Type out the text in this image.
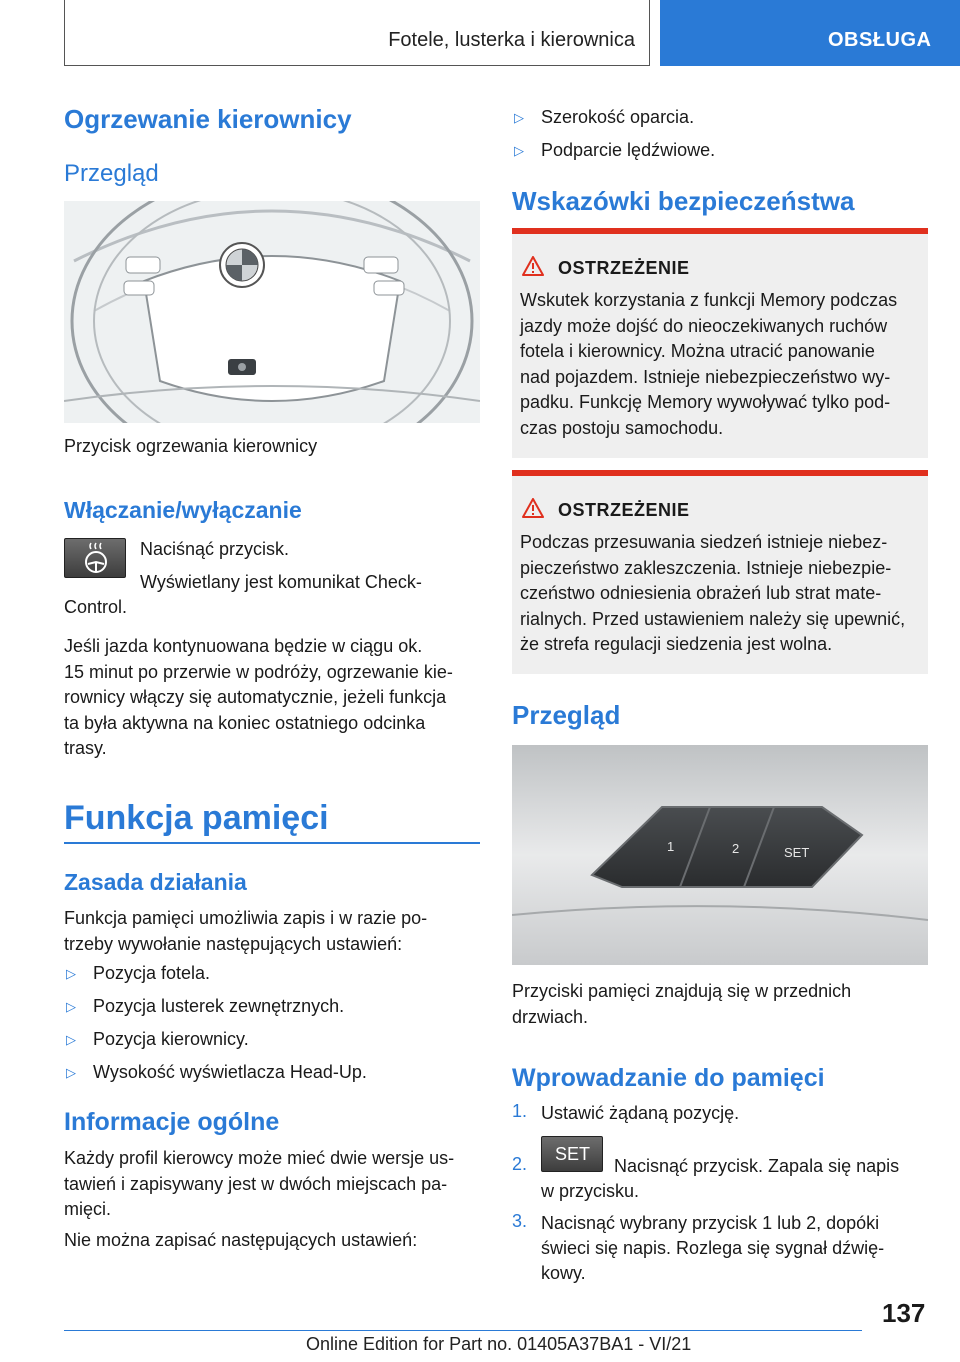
Fotele, lusterka i kierownica	OBSŁUGA
Ogrzewanie kierownicy
Przegląd
Przycisk ogrzewania kierownicy
Włączanie/wyłączanie
Naciśnąć przycisk.
Wyświetlany jest komunikat Check-
Control.
Jeśli jazda kontynuowana będzie w ciągu ok.
15 minut po przerwie w podróży, ogrzewanie kie-
rownicy włączy się automatycznie, jeżeli funkcja
ta była aktywna na koniec ostatniego odcinka
trasy.
Funkcja pamięci
Zasada działania
Funkcja pamięci umożliwia zapis i w razie po-
trzeby wywołanie następujących ustawień:
▷ Pozycja fotela.
▷ Pozycja lusterek zewnętrznych.
▷ Pozycja kierownicy.
▷ Wysokość wyświetlacza Head-Up.
Informacje ogólne
Każdy profil kierowcy może mieć dwie wersje us-
tawień i zapisywany jest w dwóch miejscach pa-
mięci.
Nie można zapisać następujących ustawień:
▷ Szerokość oparcia.
▷ Podparcie lędźwiowe.
Wskazówki bezpieczeństwa
OSTRZEŻENIE
Wskutek korzystania z funkcji Memory podczas
jazdy może dojść do nieoczekiwanych ruchów
fotela i kierownicy. Można utracić panowanie
nad pojazdem. Istnieje niebezpieczeństwo wy-
padku. Funkcję Memory wywoływać tylko pod-
czas postoju samochodu.
OSTRZEŻENIE
Podczas przesuwania siedzeń istnieje niebez-
pieczeństwo zakleszczenia. Istnieje niebezpie-
czeństwo odniesienia obrażeń lub strat mate-
rialnych. Przed ustawieniem należy się upewnić,
że strefa regulacji siedzenia jest wolna.
Przegląd
1	2	SET
Przyciski pamięci znajdują się w przednich
drzwiach.
Wprowadzanie do pamięci
1. Ustawić żądaną pozycję.
2. SET
Nacisnąć przycisk. Zapala się napis
w przycisku.
3. Nacisnąć wybrany przycisk 1 lub 2, dopóki
świeci się napis. Rozlega się sygnał dźwię-
kowy.
137
Online Edition for Part no. 01405A37BA1 - VI/21
